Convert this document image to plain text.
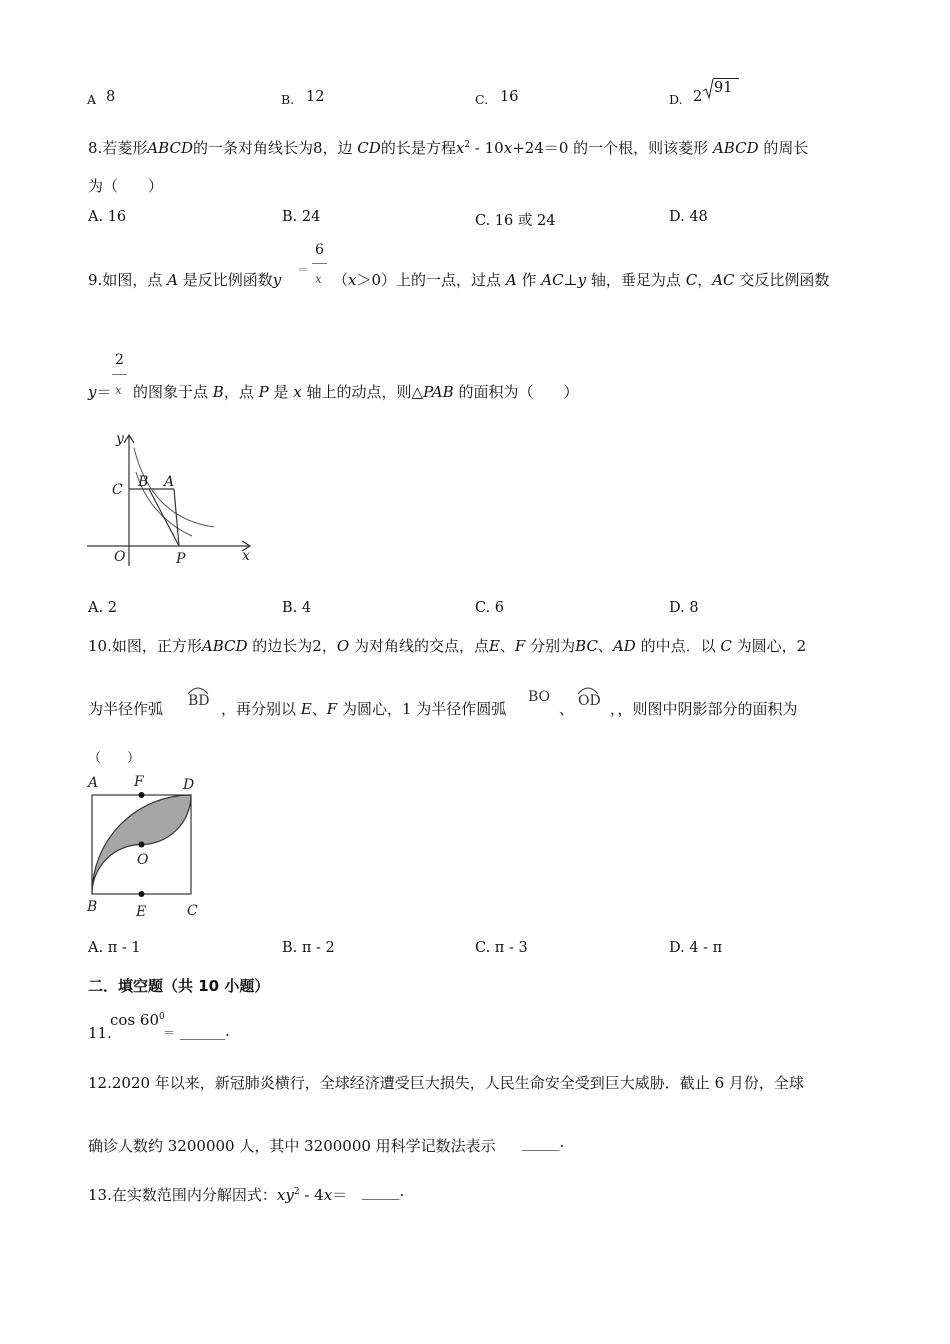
A 8	B. 12	C. 16	D. 2
91
8.若菱形ABCD的一条对角线长为8，边 CD的长是方程$x^2 - 10x+24=0$ 的一个根，则该菱形 ABCD 的周长
为（　　）
A. 16	B. 24	C. 16 或 24	D. 48
9.如图，点 A 是反比例函数y
＝
6
x （x＞0）上的一点，过点 A 作 AC⊥y 轴，垂足为点 C，AC 交反比例函数
y＝
2
x 的图象于点 B，点 P 是 x 轴上的动点，则△PAB 的面积为（　　）
y
x
C B A
O	P
A. 2	B. 4	C. 6	D. 8
10.如图，正方形ABCD 的边长为2，O 为对角线的交点，点E、F 分别为BC、AD 的中点．以 C 为圆心，2
为半径作弧 BD ，再分别以 E、F 为圆心，1 为半径作圆弧
BO
、 OD ，，则图中阴影部分的面积为
（　　）
A	F	D
O
B	E	C
A. π - 1	B. π - 2	C. π - 3	D. 4 - π
二．填空题（共 10 小题）
11.
$\cos 60^0$
＝ ______.
12.2020 年以来，新冠肺炎横行，全球经济遭受巨大损失，人民生命安全受到巨大威胁．截止 6 月份，全球
确诊人数约 3200000 人，其中 3200000 用科学记数法表示 _____.
13.在实数范围内分解因式：$xy^2 - 4x=$ _____.
